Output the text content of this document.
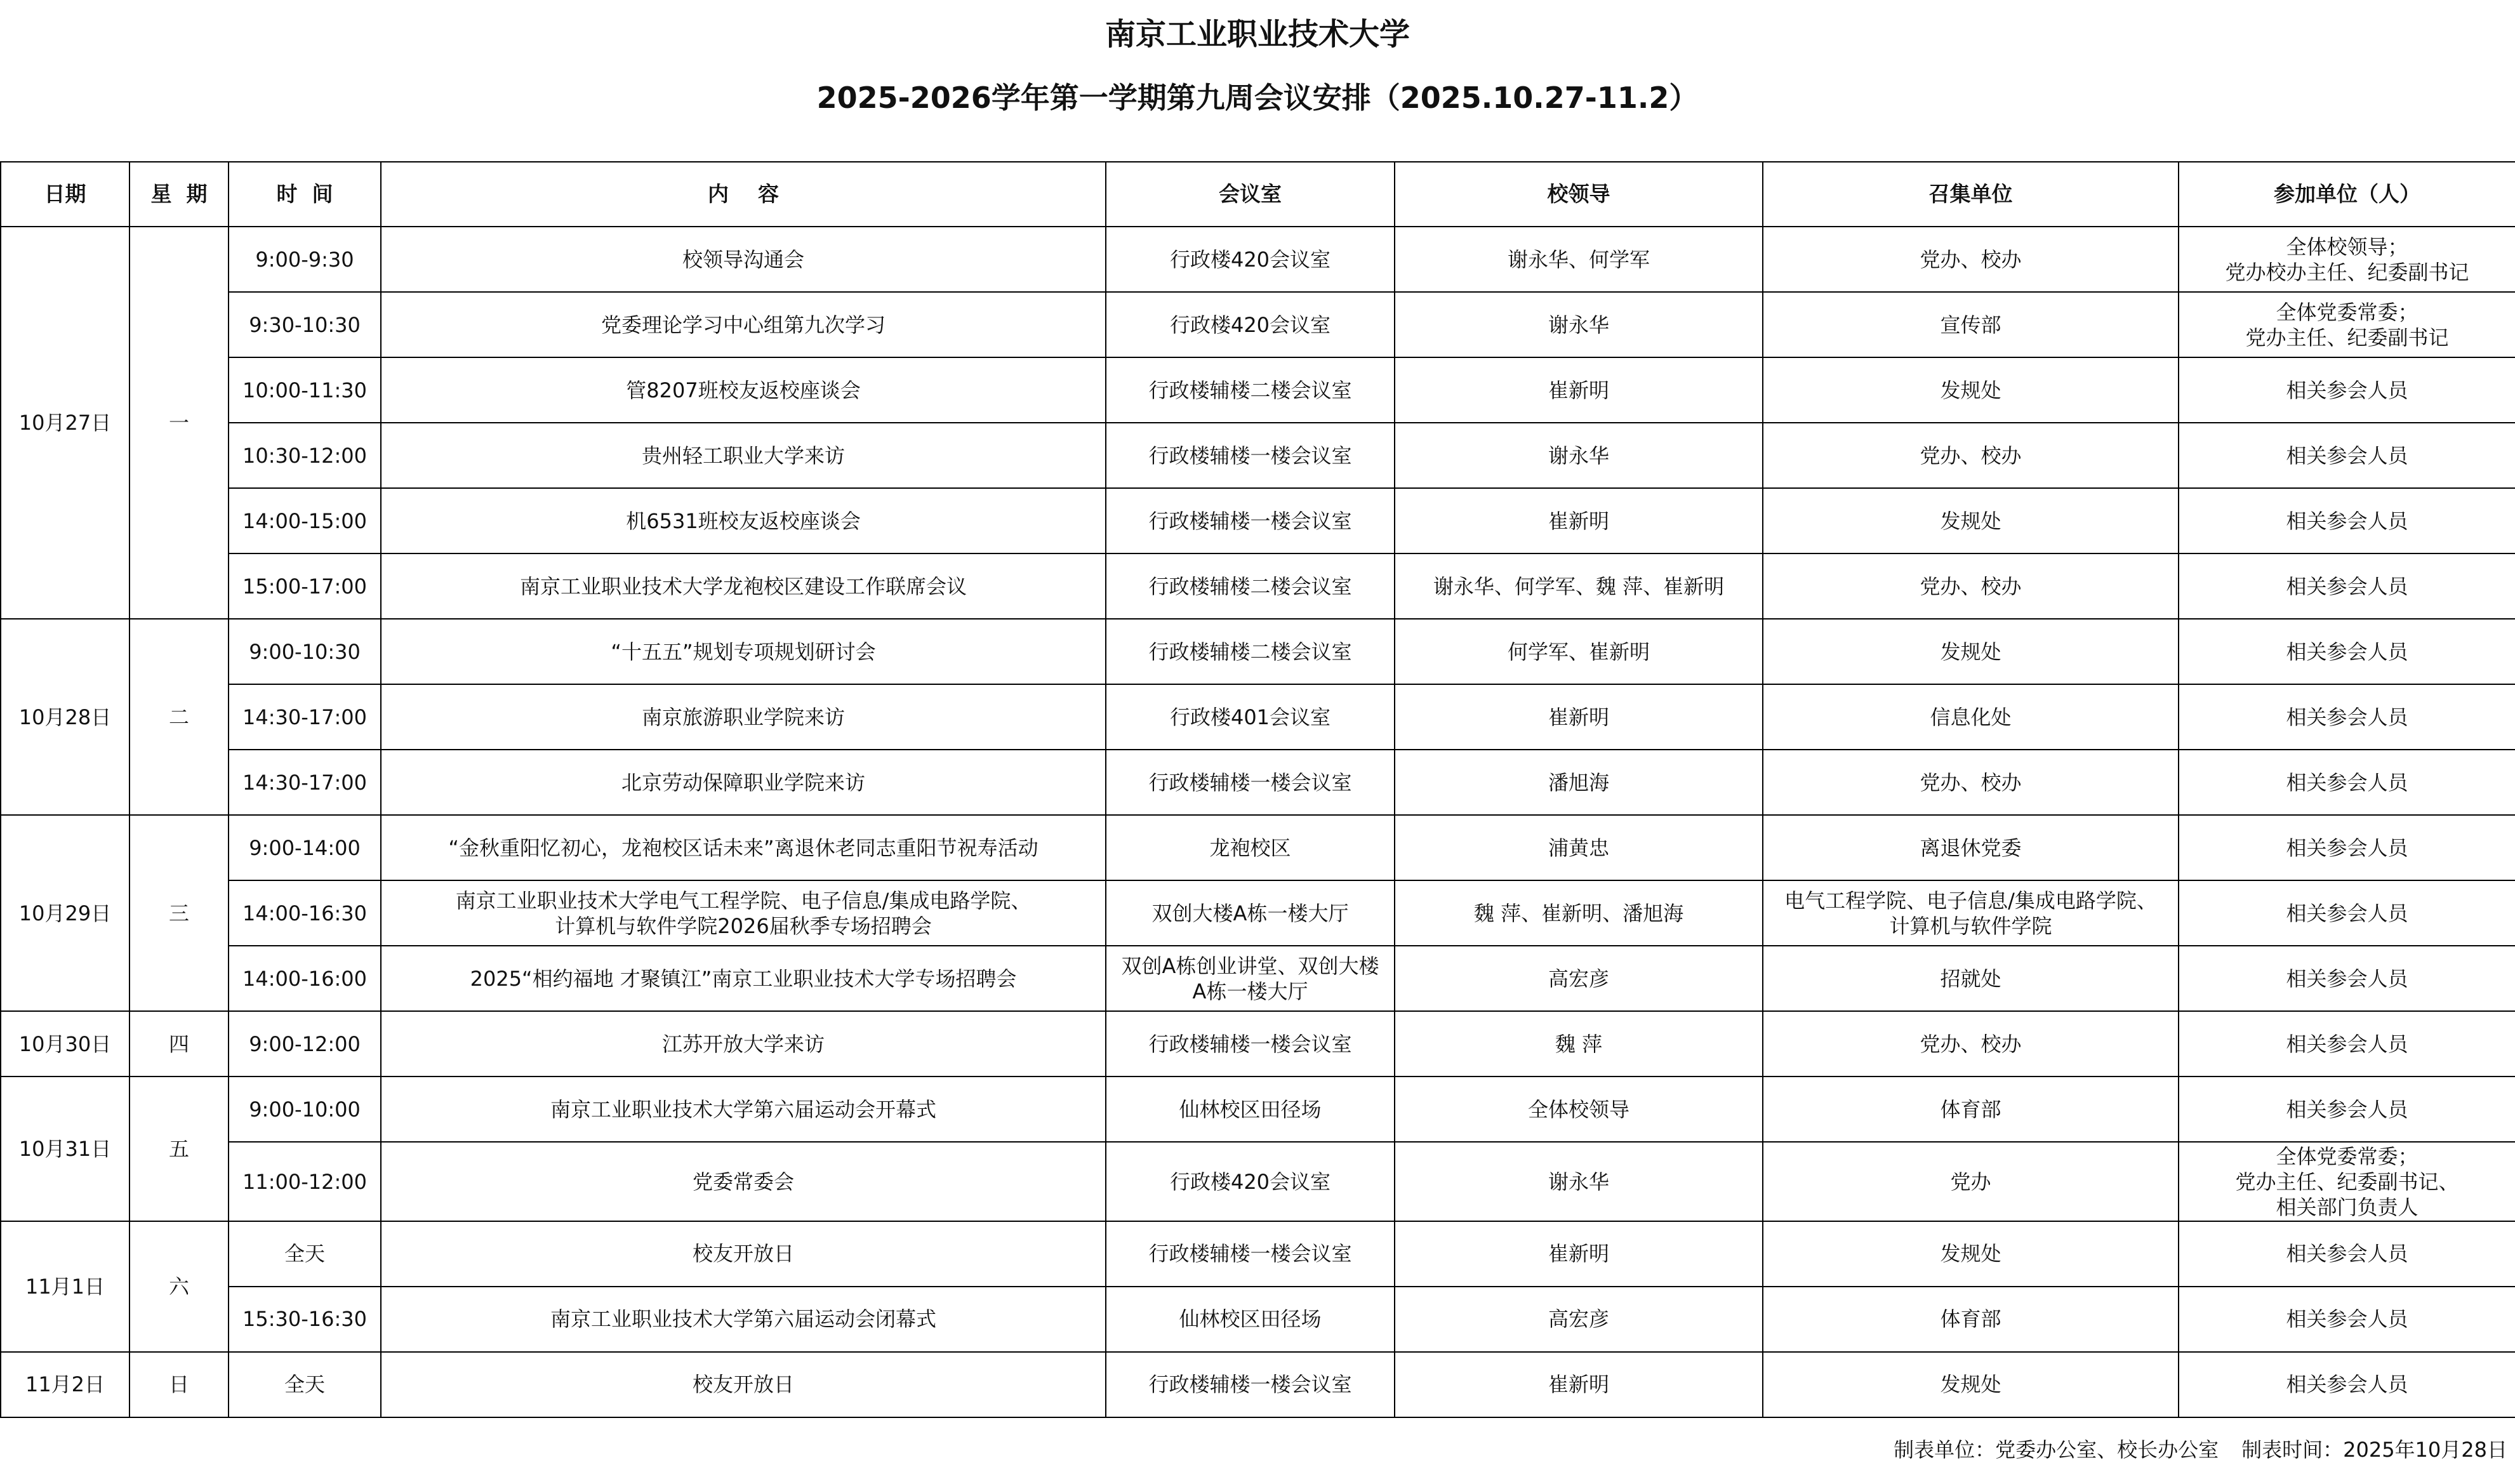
南京工业职业技术大学
2025-2026学年第一学期第九周会议安排（2025.10.27-11.2）
日期	星  期	时  间	内    容	会议室	校领导	召集单位	参加单位（人）
10月27日	一	9:00-9:30	校领导沟通会	行政楼420会议室	谢永华、何学军	党办、校办	全体校领导；
党办校办主任、纪委副书记
		9:30-10:30	党委理论学习中心组第九次学习	行政楼420会议室	谢永华	宣传部	全体党委常委；
党办主任、纪委副书记
		10:00-11:30	管8207班校友返校座谈会	行政楼辅楼二楼会议室	崔新明	发规处	相关参会人员
		10:30-12:00	贵州轻工职业大学来访	行政楼辅楼一楼会议室	谢永华	党办、校办	相关参会人员
		14:00-15:00	机6531班校友返校座谈会	行政楼辅楼一楼会议室	崔新明	发规处	相关参会人员
		15:00-17:00	南京工业职业技术大学龙袍校区建设工作联席会议	行政楼辅楼二楼会议室	谢永华、何学军、魏 萍、崔新明	党办、校办	相关参会人员
10月28日	二	9:00-10:30	“十五五”规划专项规划研讨会	行政楼辅楼二楼会议室	何学军、崔新明	发规处	相关参会人员
		14:30-17:00	南京旅游职业学院来访	行政楼401会议室	崔新明	信息化处	相关参会人员
		14:30-17:00	北京劳动保障职业学院来访	行政楼辅楼一楼会议室	潘旭海	党办、校办	相关参会人员
10月29日	三	9:00-14:00	“金秋重阳忆初心，龙袍校区话未来”离退休老同志重阳节祝寿活动	龙袍校区	浦黄忠	离退休党委	相关参会人员
		14:00-16:30	南京工业职业技术大学电气工程学院、电子信息/集成电路学院、
计算机与软件学院2026届秋季专场招聘会	双创大楼A栋一楼大厅	魏 萍、崔新明、潘旭海	电气工程学院、电子信息/集成电路学院、
计算机与软件学院	相关参会人员
		14:00-16:00	2025“相约福地 才聚镇江”南京工业职业技术大学专场招聘会	双创A栋创业讲堂、双创大楼
A栋一楼大厅	高宏彦	招就处	相关参会人员
10月30日	四	9:00-12:00	江苏开放大学来访	行政楼辅楼一楼会议室	魏 萍	党办、校办	相关参会人员
10月31日	五	9:00-10:00	南京工业职业技术大学第六届运动会开幕式	仙林校区田径场	全体校领导	体育部	相关参会人员
		11:00-12:00	党委常委会	行政楼420会议室	谢永华	党办	全体党委常委；
党办主任、纪委副书记、
相关部门负责人
11月1日	六	全天	校友开放日	行政楼辅楼一楼会议室	崔新明	发规处	相关参会人员
		15:30-16:30	南京工业职业技术大学第六届运动会闭幕式	仙林校区田径场	高宏彦	体育部	相关参会人员
11月2日	日	全天	校友开放日	行政楼辅楼一楼会议室	崔新明	发规处	相关参会人员
制表单位：党委办公室、校长办公室 制表时间：2025年10月28日
